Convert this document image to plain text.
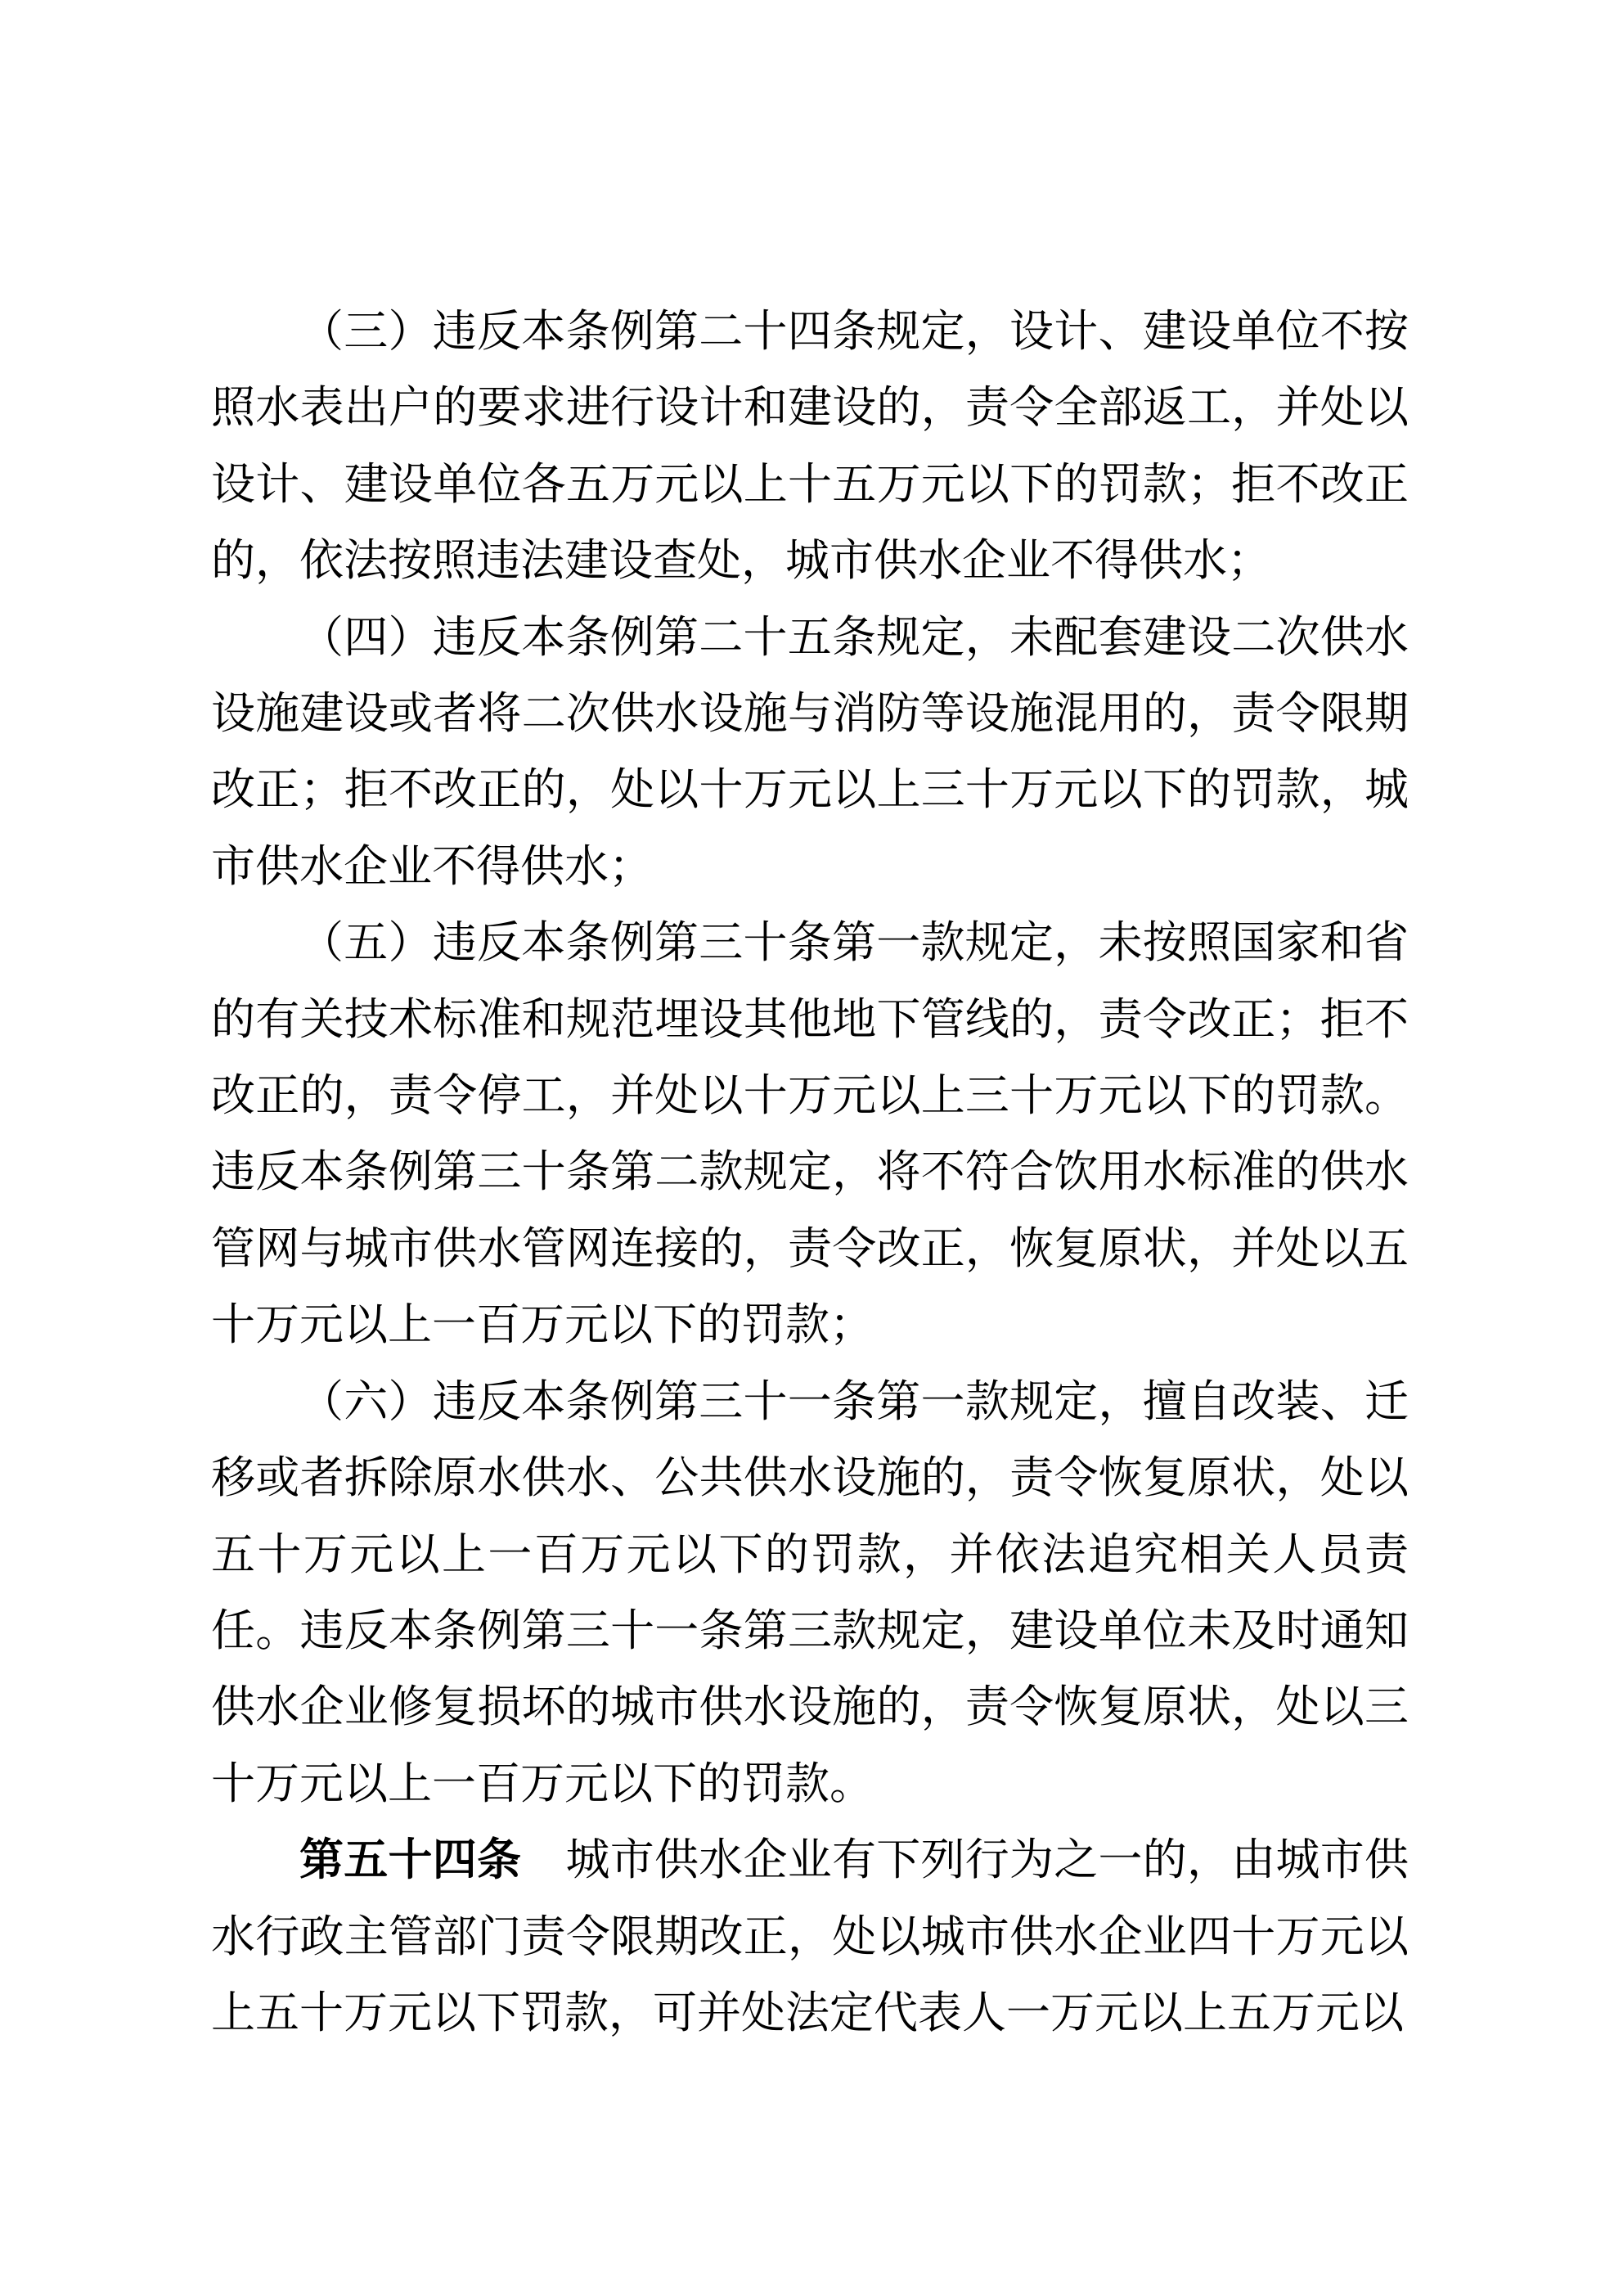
（三）违反本条例第二十四条规定，设计、建设单位不按照水表出户的要求进行设计和建设的，责令全部返工，并处以设计、建设单位各五万元以上十五万元以下的罚款；拒不改正的，依法按照违法建设查处，城市供水企业不得供水；

（四）违反本条例第二十五条规定，未配套建设二次供水设施建设或者将二次供水设施与消防等设施混用的，责令限期改正；拒不改正的，处以十万元以上三十万元以下的罚款，城市供水企业不得供水；

（五）违反本条例第三十条第一款规定，未按照国家和省的有关技术标准和规范埋设其他地下管线的，责令改正；拒不改正的，责令停工，并处以十万元以上三十万元以下的罚款。违反本条例第三十条第二款规定，将不符合饮用水标准的供水管网与城市供水管网连接的，责令改正，恢复原状，并处以五十万元以上一百万元以下的罚款；

（六）违反本条例第三十一条第一款规定，擅自改装、迁移或者拆除原水供水、公共供水设施的，责令恢复原状，处以五十万元以上一百万元以下的罚款，并依法追究相关人员责任。违反本条例第三十一条第三款规定，建设单位未及时通知供水企业修复损坏的城市供水设施的，责令恢复原状，处以三十万元以上一百万元以下的罚款。

第五十四条　 城市供水企业有下列行为之一的，由城市供水行政主管部门责令限期改正，处以城市供水企业四十万元以上五十万元以下罚款，可并处法定代表人一万元以上五万元以
